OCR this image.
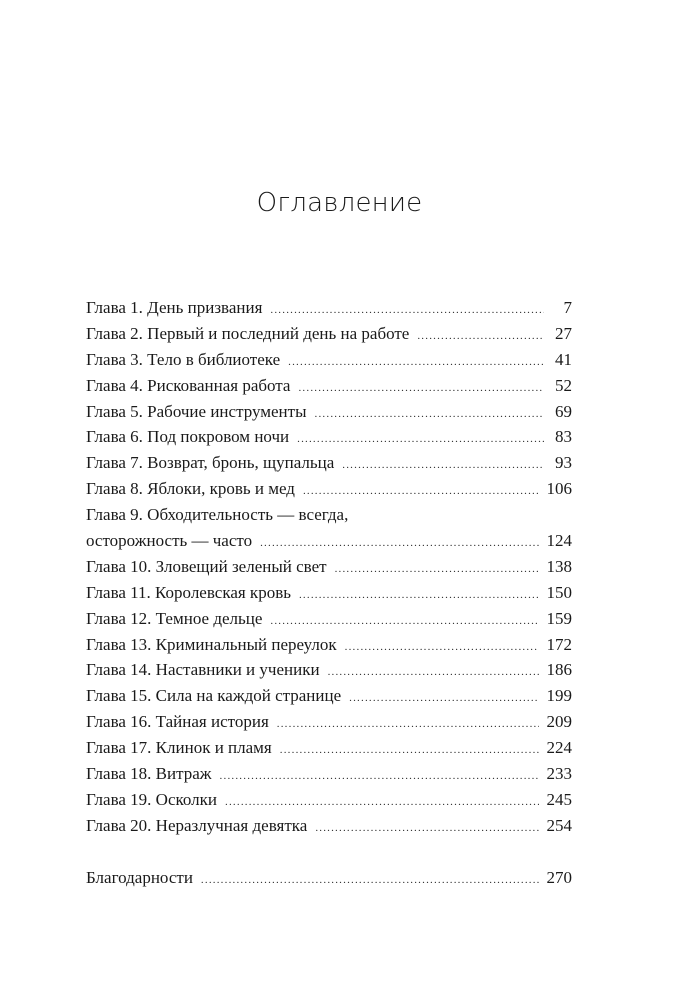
Оглавление
Глава 1. День призвания .....	7
Глава 2. Первый и последний день на работе .....	27
Глава 3. Тело в библиотеке .....	41
Глава 4. Рискованная работа .....	52
Глава 5. Рабочие инструменты .....	69
Глава 6. Под покровом ночи .....	83
Глава 7. Возврат, бронь, щупальца .....	93
Глава 8. Яблоки, кровь и мед .....	106
Глава 9. Обходительность — всегда,
осторожность — часто .....	124
Глава 10. Зловещий зеленый свет .....	138
Глава 11. Королевская кровь .....	150
Глава 12. Темное дельце .....	159
Глава 13. Криминальный переулок .....	172
Глава 14. Наставники и ученики .....	186
Глава 15. Сила на каждой странице .....	199
Глава 16. Тайная история .....	209
Глава 17. Клинок и пламя .....	224
Глава 18. Витраж .....	233
Глава 19. Осколки .....	245
Глава 20. Неразлучная девятка .....	254
Благодарности .....	270
